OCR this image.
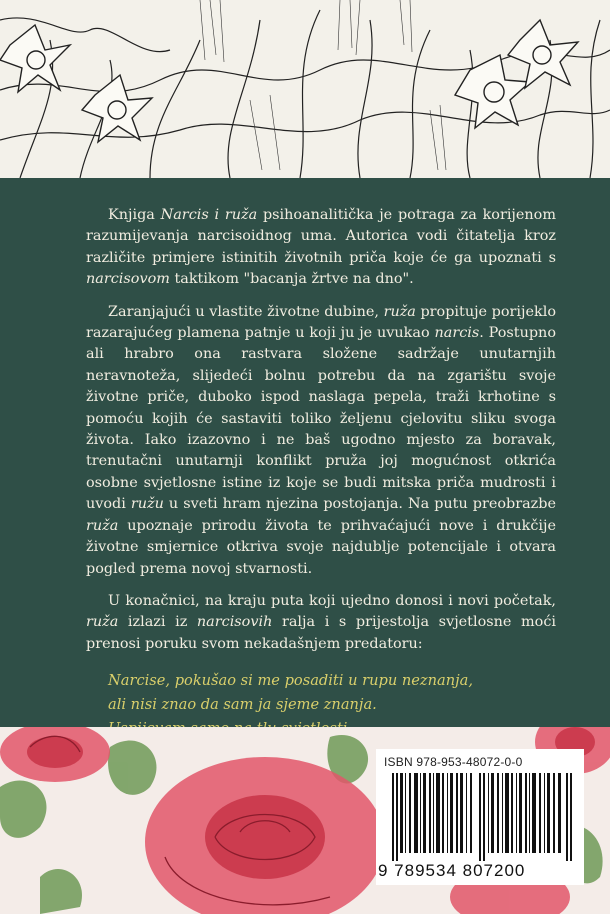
Knjiga Narcis i ruža psihoanalitička je potraga za korijenom razumijevanja narcisoidnog uma. Autorica vodi čitatelja kroz različite primjere istinitih životnih priča koje će ga upoznati s narcisovom taktikom "bacanja žrtve na dno".

Zaranjajući u vlastite životne dubine, ruža propituje porijeklo razarajućeg plamena patnje u koji ju je uvukao narcis. Postupno ali hrabro ona rastvara složene sadržaje unutarnjih neravnoteža, slijedeći bolnu potrebu da na zgarištu svoje životne priče, duboko ispod naslaga pepela, traži krhotine s pomoću kojih će sastaviti toliko željenu cjelovitu sliku svoga života. Iako izazovno i ne baš ugodno mjesto za boravak, trenutačni unutarnji konflikt pruža joj mogućnost otkrića osobne svjetlosne istine iz koje se budi mitska priča mudrosti i uvodi ružu u sveti hram njezina postojanja. Na putu preobrazbe ruža upoznaje prirodu života te prihvaćajući nove i drukčije životne smjernice otkriva svoje najdublje potencijale i otvara pogled prema novoj stvarnosti.

U konačnici, na kraju puta koji ujedno donosi i novi početak, ruža izlazi iz narcisovih ralja i s prijestolja svjetlosne moći prenosi poruku svom nekadašnjem predatoru:

Narcise, pokušao si me posaditi u rupu neznanja,
ali nisi znao da sam ja sjeme znanja.
ISBN 978-953-48072-0-0
9 789534 807200
